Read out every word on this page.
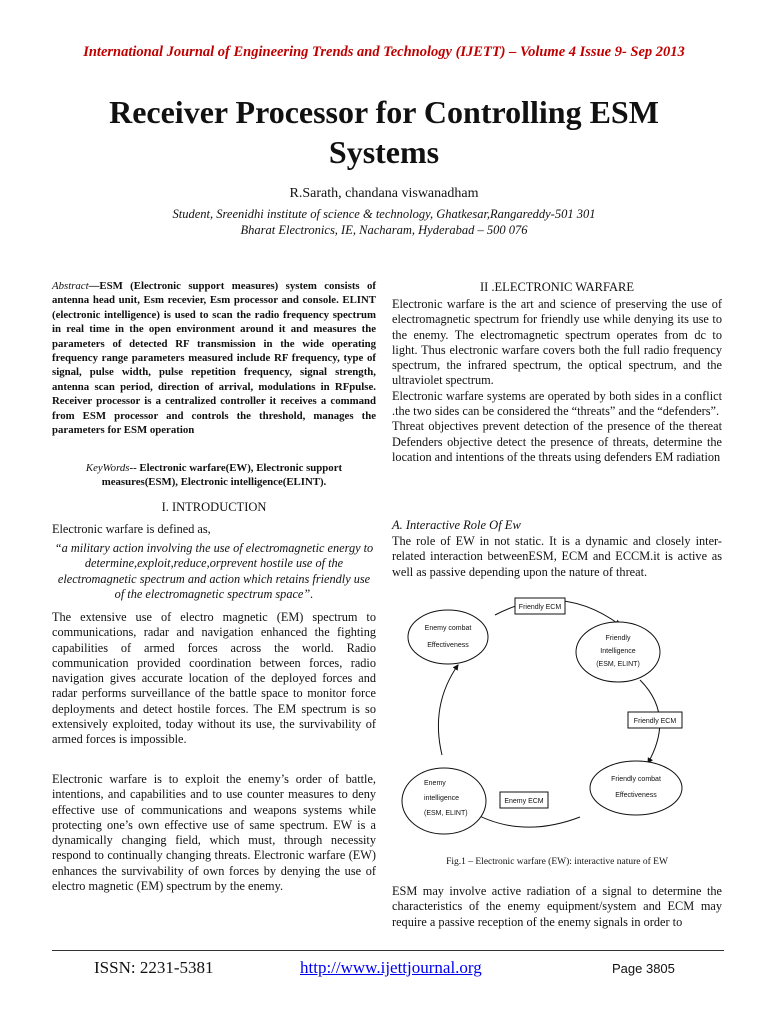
International Journal of Engineering Trends and Technology (IJETT) – Volume 4 Issue 9- Sep 2013
Receiver Processor for Controlling ESM Systems
R.Sarath, chandana viswanadham
Student, Sreenidhi institute of science & technology, Ghatkesar,Rangareddy-501 301
Bharat Electronics, IE, Nacharam, Hyderabad – 500 076
Abstract—ESM (Electronic support measures) system consists of antenna head unit, Esm recevier, Esm processor and console. ELINT (electronic intelligence) is used to scan the radio frequency spectrum in real time in the open environment around it and measures the parameters of detected RF transmission in the wide operating frequency range parameters measured include RF frequency, type of signal, pulse width, pulse repetition frequency, signal strength, antenna scan period, direction of arrival, modulations in RFpulse. Receiver processor is a centralized controller it receives a command from ESM processor and controls the threshold, manages the parameters for ESM operation
KeyWords-- Electronic warfare(EW), Electronic support measures(ESM), Electronic intelligence(ELINT).
I. INTRODUCTION
Electronic warfare is defined as,
“a military action involving the use of electromagnetic energy to determine,exploit,reduce,orprevent hostile use of the electromagnetic spectrum and action which retains friendly use of the electromagnetic spectrum space”.
The extensive use of electro magnetic (EM) spectrum to communications, radar and navigation enhanced the fighting capabilities of armed forces across the world. Radio communication provided coordination between forces, radio navigation gives accurate location of the deployed forces and radar performs surveillance of the battle space to monitor force deployments and detect hostile forces. The EM spectrum is so extensively exploited, today without its use, the survivability of armed forces is impossible.
Electronic warfare is to exploit the enemy’s order of battle, intentions, and capabilities and to use counter measures to deny effective use of communications and weapons systems while protecting one’s own effective use of same spectrum. EW is a dynamically changing field, which must, through necessity respond to continually changing threats. Electronic warfare (EW) enhances the survivability of own forces by denying the use of electro magnetic (EM) spectrum by the enemy.
II .ELECTRONIC WARFARE
Electronic warfare is the art and science of preserving the use of electromagnetic spectrum for friendly use while denying its use to the enemy. The electromagnetic spectrum operates from dc to light. Thus electronic warfare covers both the full radio frequency spectrum, the infrared spectrum, the optical spectrum, and the ultraviolet spectrum.
Electronic warfare systems are operated by both sides in a conflict .the two sides can be considered the “threats” and the “defenders”.
Threat objectives prevent detection of the presence of the thereat Defenders objective detect the presence of threats, determine the location and intentions of the threats using defenders EM radiation
A. Interactive Role Of Ew
The role of EW in not static. It is a dynamic and closely inter-related interaction betweenESM, ECM and ECCM.it is active as well as passive depending upon the nature of threat.
Friendly ECM
Friendly ECM
Enemy ECM
Enemy combat
Effectiveness
Friendly
Intelligence
(ESM, ELINT)
Friendly combat
Effectiveness
Enemy
intelligence
(ESM, ELINT)
Fig.1 – Electronic warfare (EW): interactive nature of EW
ESM may involve active radiation of a signal to determine the characteristics of the enemy equipment/system and ECM may require a passive reception of the enemy signals in order to
ISSN: 2231-5381	http://www.ijettjournal.org	Page 3805
